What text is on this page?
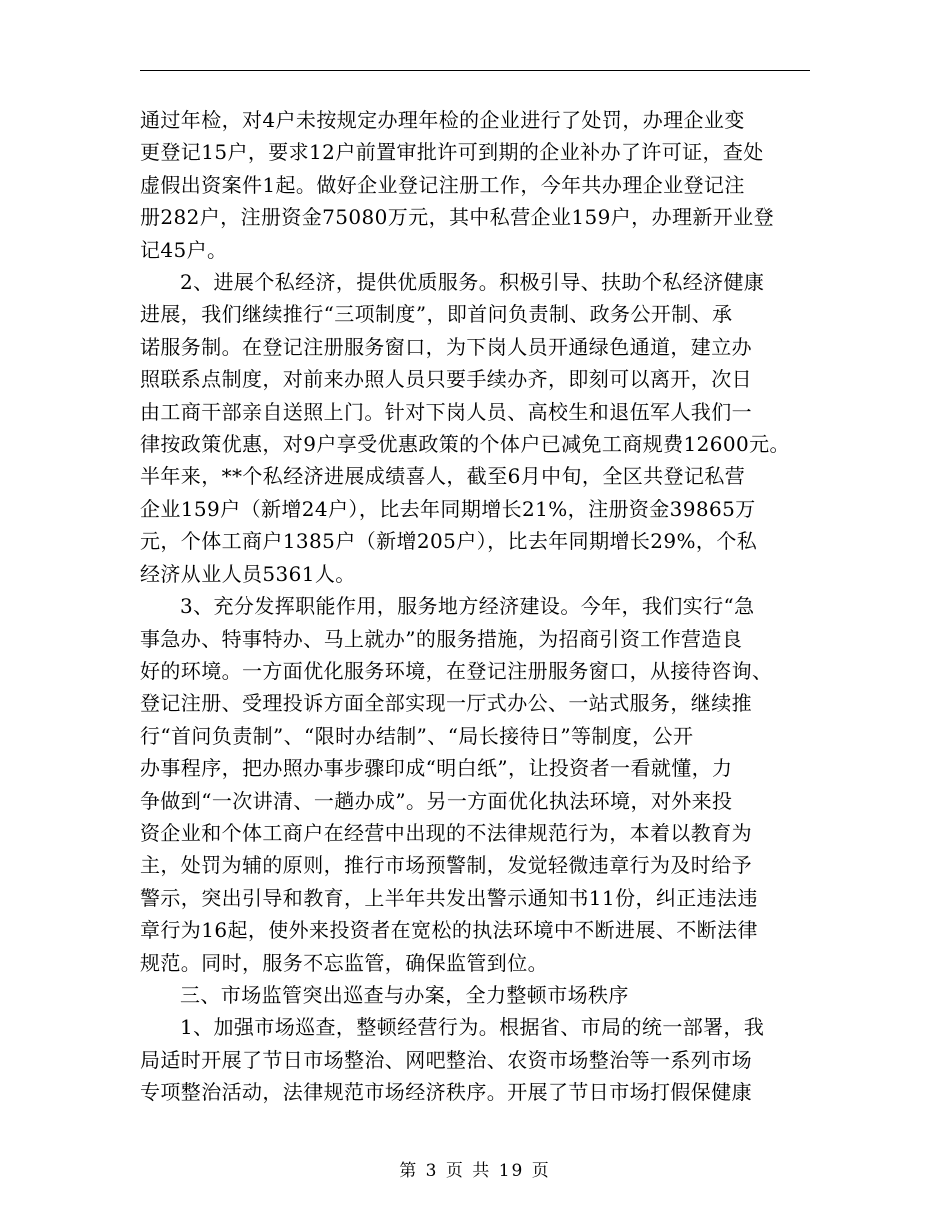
通过年检，对4户未按规定办理年检的企业进行了处罚，办理企业变
更登记15户，要求12户前置审批许可到期的企业补办了许可证，查处
虚假出资案件1起。做好企业登记注册工作，今年共办理企业登记注
册282户，注册资金75080万元，其中私营企业159户，办理新开业登
记45户。

2、进展个私经济，提供优质服务。积极引导、扶助个私经济健康
进展，我们继续推行“三项制度”，即首问负责制、政务公开制、承
诺服务制。在登记注册服务窗口，为下岗人员开通绿色通道，建立办
照联系点制度，对前来办照人员只要手续办齐，即刻可以离开，次日
由工商干部亲自送照上门。针对下岗人员、高校生和退伍军人我们一
律按政策优惠，对9户享受优惠政策的个体户已减免工商规费12600元。
半年来，**个私经济进展成绩喜人，截至6月中旬，全区共登记私营
企业159户（新增24户），比去年同期增长21%，注册资金39865万
元，个体工商户1385户（新增205户），比去年同期增长29%，个私
经济从业人员5361人。

3、充分发挥职能作用，服务地方经济建设。今年，我们实行“急
事急办、特事特办、马上就办”的服务措施，为招商引资工作营造良
好的环境。一方面优化服务环境，在登记注册服务窗口，从接待咨询、
登记注册、受理投诉方面全部实现一厅式办公、一站式服务，继续推
行“首问负责制”、“限时办结制”、“局长接待日”等制度，公开
办事程序，把办照办事步骤印成“明白纸”，让投资者一看就懂，力
争做到“一次讲清、一趟办成”。另一方面优化执法环境，对外来投
资企业和个体工商户在经营中出现的不法律规范行为，本着以教育为
主，处罚为辅的原则，推行市场预警制，发觉轻微违章行为及时给予
警示，突出引导和教育，上半年共发出警示通知书11份，纠正违法违
章行为16起，使外来投资者在宽松的执法环境中不断进展、不断法律
规范。同时，服务不忘监管，确保监管到位。

三、市场监管突出巡查与办案，全力整顿市场秩序

1、加强市场巡查，整顿经营行为。根据省、市局的统一部署，我
局适时开展了节日市场整治、网吧整治、农资市场整治等一系列市场
专项整治活动，法律规范市场经济秩序。开展了节日市场打假保健康

第 3 页 共 19 页
